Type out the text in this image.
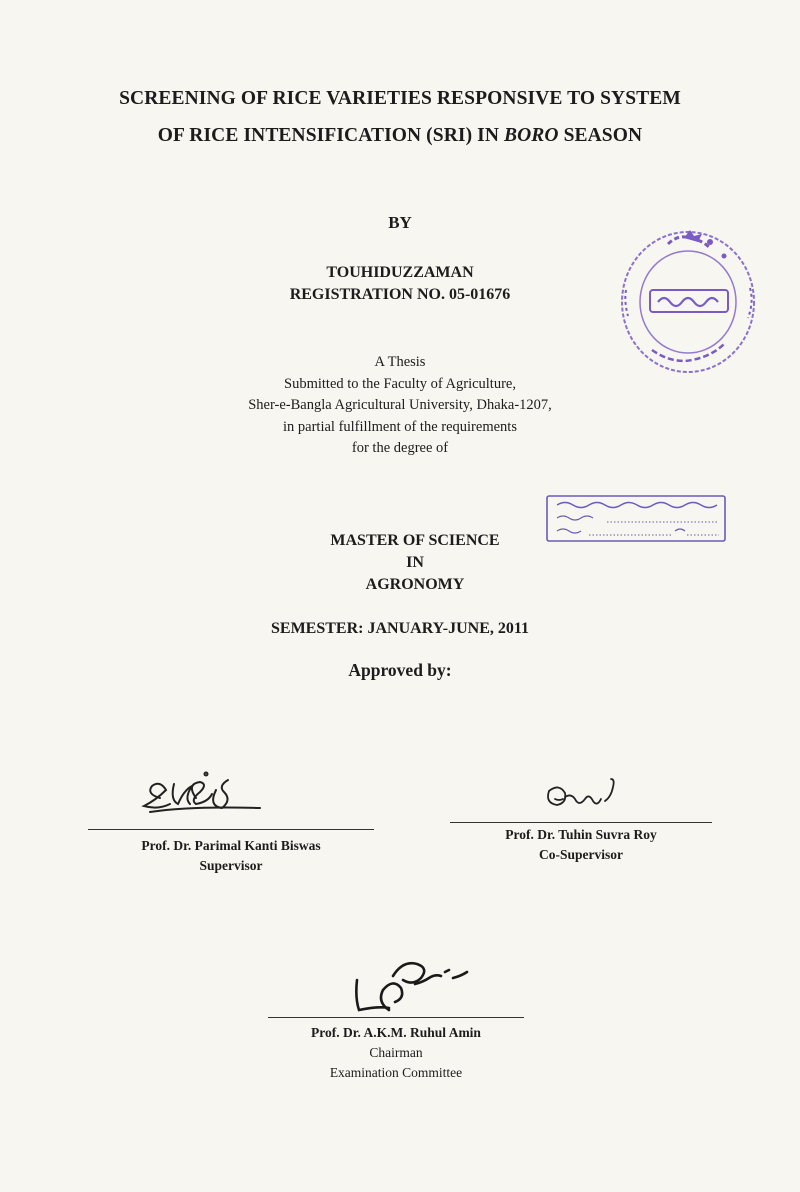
SCREENING OF RICE VARIETIES RESPONSIVE TO SYSTEM
OF RICE INTENSIFICATION (SRI) IN BORO SEASON
BY
TOUHIDUZZAMAN
REGISTRATION NO. 05-01676
A Thesis
Submitted to the Faculty of Agriculture,
Sher-e-Bangla Agricultural University, Dhaka-1207,
in partial fulfillment of the requirements
for the degree of
MASTER OF SCIENCE
IN
AGRONOMY
SEMESTER: JANUARY-JUNE, 2011
Approved by:
Prof. Dr. Parimal Kanti Biswas
Supervisor
Prof. Dr. Tuhin Suvra Roy
Co-Supervisor
Prof. Dr. A.K.M. Ruhul Amin
Chairman
Examination Committee
